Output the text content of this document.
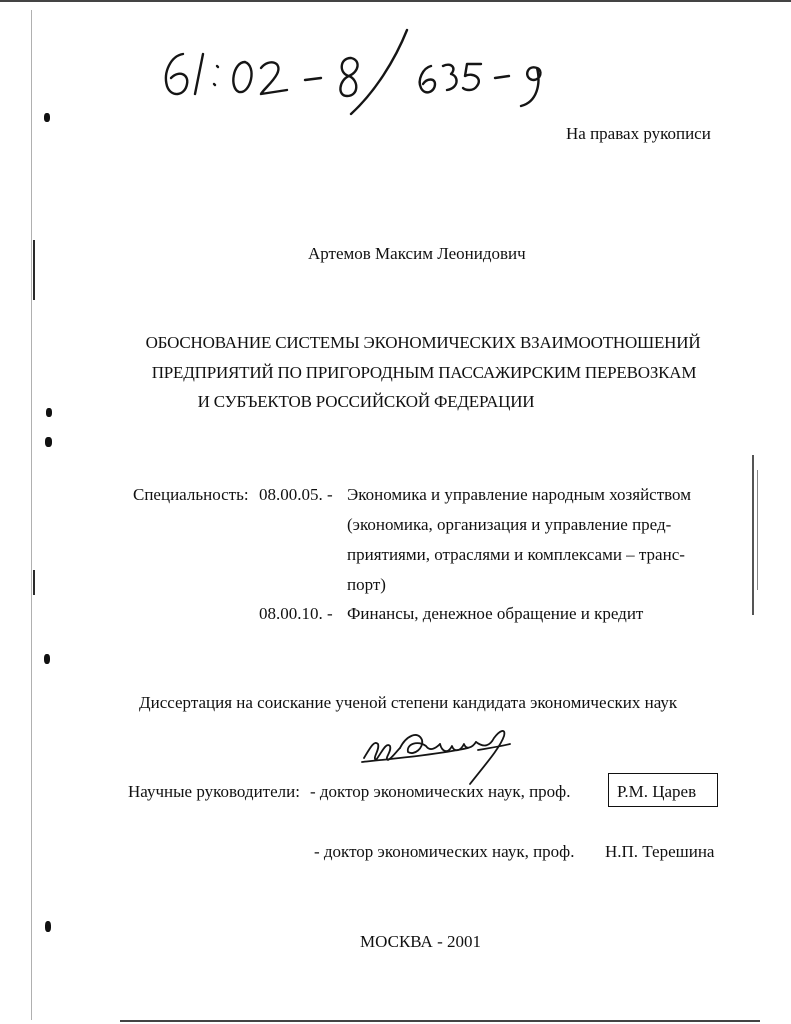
На правах рукописи
Артемов Максим Леонидович
ОБОСНОВАНИЕ СИСТЕМЫ ЭКОНОМИЧЕСКИХ ВЗАИМООТНОШЕНИЙ
ПРЕДПРИЯТИЙ ПО ПРИГОРОДНЫМ ПАССАЖИРСКИМ ПЕРЕВОЗКАМ
И СУБЪЕКТОВ РОССИЙСКОЙ ФЕДЕРАЦИИ
Специальность: 08.00.05. - Экономика и управление народным хозяйством
(экономика, организация и управление пред-
приятиями, отраслями и комплексами – транс-
порт)
08.00.10. - Финансы, денежное обращение и кредит
Диссертация на соискание ученой степени кандидата экономических наук
Научные руководители: - доктор экономических наук, проф.	Р.М. Царев
- доктор экономических наук, проф. Н.П. Терешина
МОСКВА - 2001
